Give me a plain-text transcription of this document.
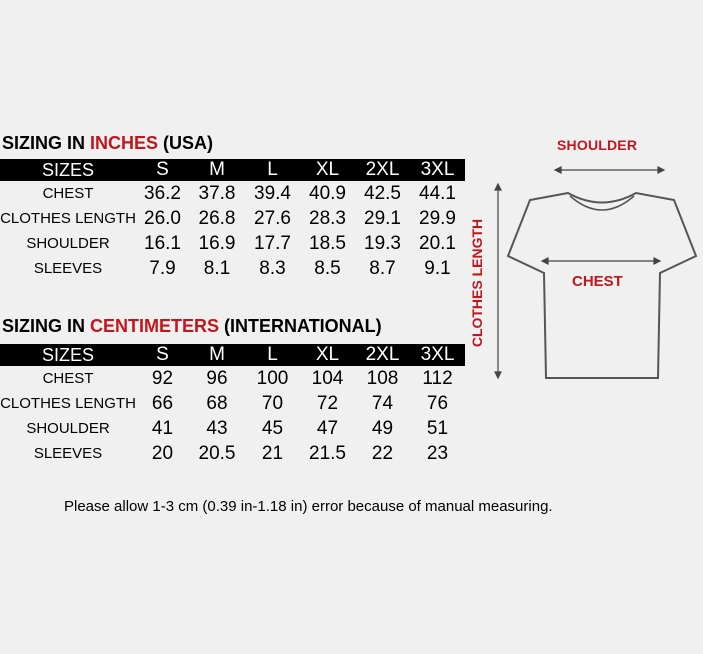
SIZING IN INCHES (USA)
SIZES	S	M	L	XL	2XL	3XL
CHEST	36.2	37.8	39.4	40.9	42.5	44.1
CLOTHES LENGTH	26.0	26.8	27.6	28.3	29.1	29.9
SHOULDER	16.1	16.9	17.7	18.5	19.3	20.1
SLEEVES	7.9	8.1	8.3	8.5	8.7	9.1
SIZING IN CENTIMETERS (INTERNATIONAL)
SIZES	S	M	L	XL	2XL	3XL
CHEST	92	96	100	104	108	112
CLOTHES LENGTH	66	68	70	72	74	76
SHOULDER	41	43	45	47	49	51
SLEEVES	20	20.5	21	21.5	22	23
SHOULDER
CHEST
CLOTHES LENGTH
Please allow 1-3 cm (0.39 in-1.18 in) error because of manual measuring.
